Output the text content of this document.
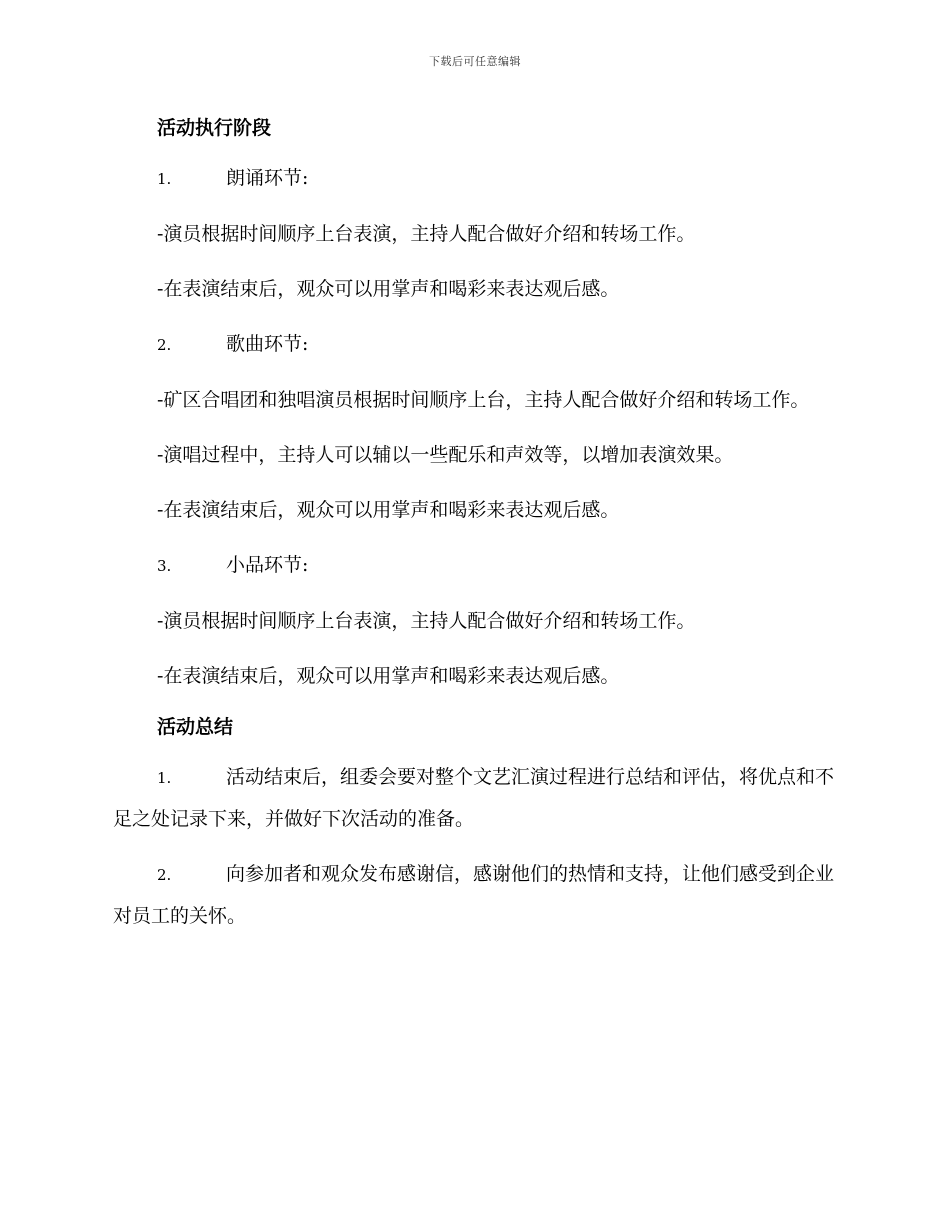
下载后可任意编辑
活动执行阶段

1.	朗诵环节:

-演员根据时间顺序上台表演，主持人配合做好介绍和转场工作。

-在表演结束后，观众可以用掌声和喝彩来表达观后感。

2.	歌曲环节:

-矿区合唱团和独唱演员根据时间顺序上台，主持人配合做好介绍和转场工作。

-演唱过程中，主持人可以辅以一些配乐和声效等，以增加表演效果。

-在表演结束后，观众可以用掌声和喝彩来表达观后感。

3.	小品环节:

-演员根据时间顺序上台表演，主持人配合做好介绍和转场工作。

-在表演结束后，观众可以用掌声和喝彩来表达观后感。

活动总结

1.	活动结束后，组委会要对整个文艺汇演过程进行总结和评估，将优点和不足之处记录下来，并做好下次活动的准备。

2.	向参加者和观众发布感谢信，感谢他们的热情和支持，让他们感受到企业对员工的关怀。
